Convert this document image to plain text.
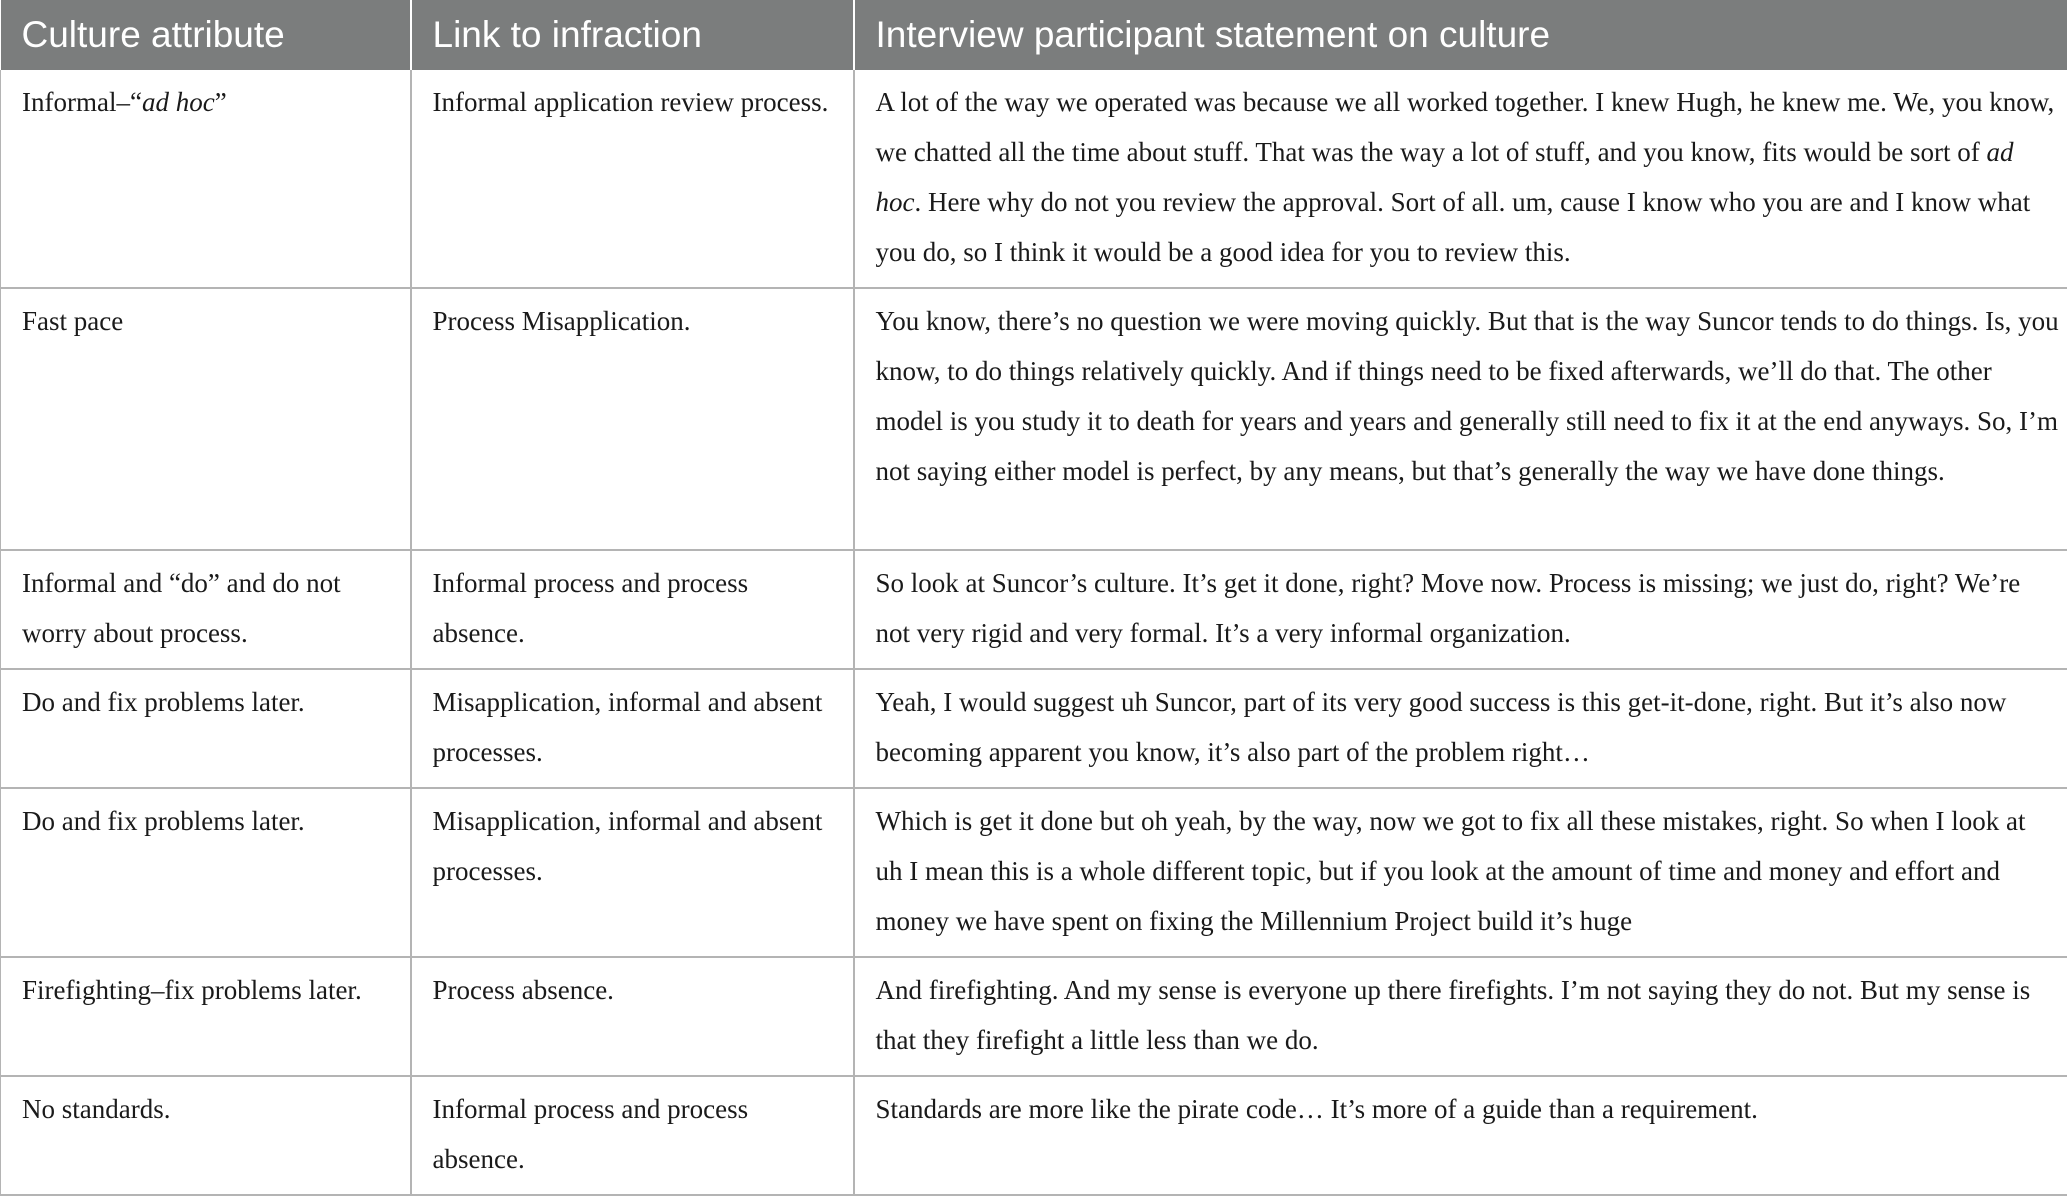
Culture attribute	Link to infraction	Interview participant statement on culture
Informal–“ad hoc”	Informal application review process.	A lot of the way we operated was because we all worked together. I knew Hugh, he knew me. We, you know, we chatted all the time about stuff. That was the way a lot of stuff, and you know, fits would be sort of ad hoc. Here why do not you review the approval. Sort of all. um, cause I know who you are and I know what you do, so I think it would be a good idea for you to review this.
Fast pace	Process Misapplication.	You know, there’s no question we were moving quickly. But that is the way Suncor tends to do things. Is, you know, to do things relatively quickly. And if things need to be fixed afterwards, we’ll do that. The other model is you study it to death for years and years and generally still need to fix it at the end anyways. So, I’m not saying either model is perfect, by any means, but that’s generally the way we have done things.
Informal and “do” and do not worry about process.	Informal process and process absence.	So look at Suncor’s culture. It’s get it done, right? Move now. Process is missing; we just do, right? We’re not very rigid and very formal. It’s a very informal organization.
Do and fix problems later.	Misapplication, informal and absent processes.	Yeah, I would suggest uh Suncor, part of its very good success is this get-it-done, right. But it’s also now becoming apparent you know, it’s also part of the problem right…
Do and fix problems later.	Misapplication, informal and absent processes.	Which is get it done but oh yeah, by the way, now we got to fix all these mistakes, right. So when I look at uh I mean this is a whole different topic, but if you look at the amount of time and money and effort and money we have spent on fixing the Millennium Project build it’s huge
Firefighting–fix problems later.	Process absence.	And firefighting. And my sense is everyone up there firefights. I’m not saying they do not. But my sense is that they firefight a little less than we do.
No standards.	Informal process and process absence.	Standards are more like the pirate code… It’s more of a guide than a requirement.
